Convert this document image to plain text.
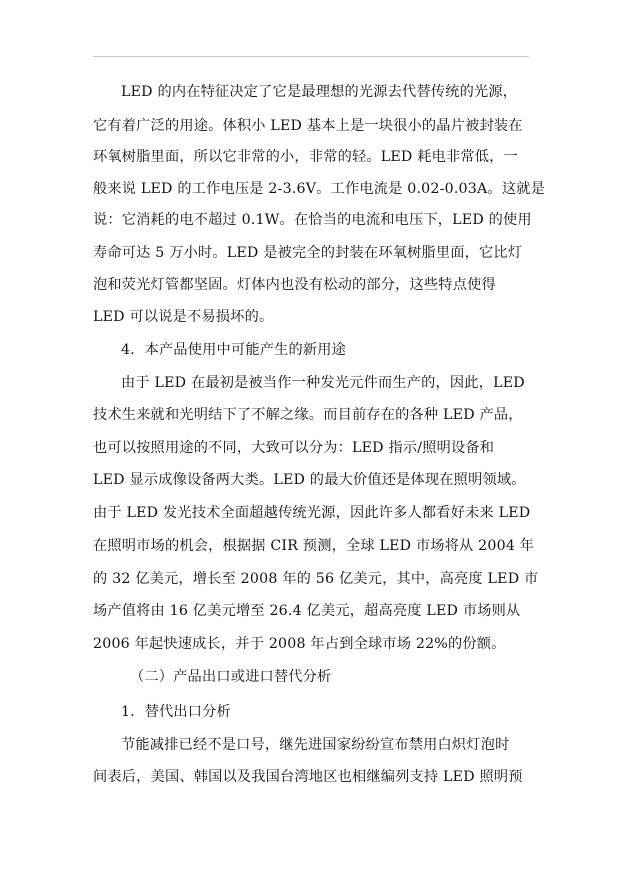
LED 的内在特征决定了它是最理想的光源去代替传统的光源，
它有着广泛的用途。体积小 LED 基本上是一块很小的晶片被封装在
环氧树脂里面，所以它非常的小，非常的轻。LED 耗电非常低，一
般来说 LED 的工作电压是 2-3.6V。工作电流是 0.02-0.03A。这就是
说：它消耗的电不超过 0.1W。在恰当的电流和电压下，LED 的使用
寿命可达 5 万小时。LED 是被完全的封装在环氧树脂里面，它比灯
泡和荧光灯管都坚固。灯体内也没有松动的部分，这些特点使得
LED 可以说是不易损坏的。
4．本产品使用中可能产生的新用途
由于 LED 在最初是被当作一种发光元件而生产的，因此，LED
技术生来就和光明结下了不解之缘。而目前存在的各种 LED 产品，
也可以按照用途的不同，大致可以分为：LED 指示/照明设备和
LED 显示成像设备两大类。LED 的最大价值还是体现在照明领域。
由于 LED 发光技术全面超越传统光源，因此许多人都看好未来 LED
在照明市场的机会，根据据 CIR 预测，全球 LED 市场将从 2004 年
的 32 亿美元，增长至 2008 年的 56 亿美元，其中，高亮度 LED 市
场产值将由 16 亿美元增至 26.4 亿美元，超高亮度 LED 市场则从
2006 年起快速成长，并于 2008 年占到全球市场 22%的份额。
（二）产品出口或进口替代分析
1．替代出口分析
节能减排已经不是口号，继先进国家纷纷宣布禁用白炽灯泡时
间表后，美国、韩国以及我国台湾地区也相继编列支持 LED 照明预
